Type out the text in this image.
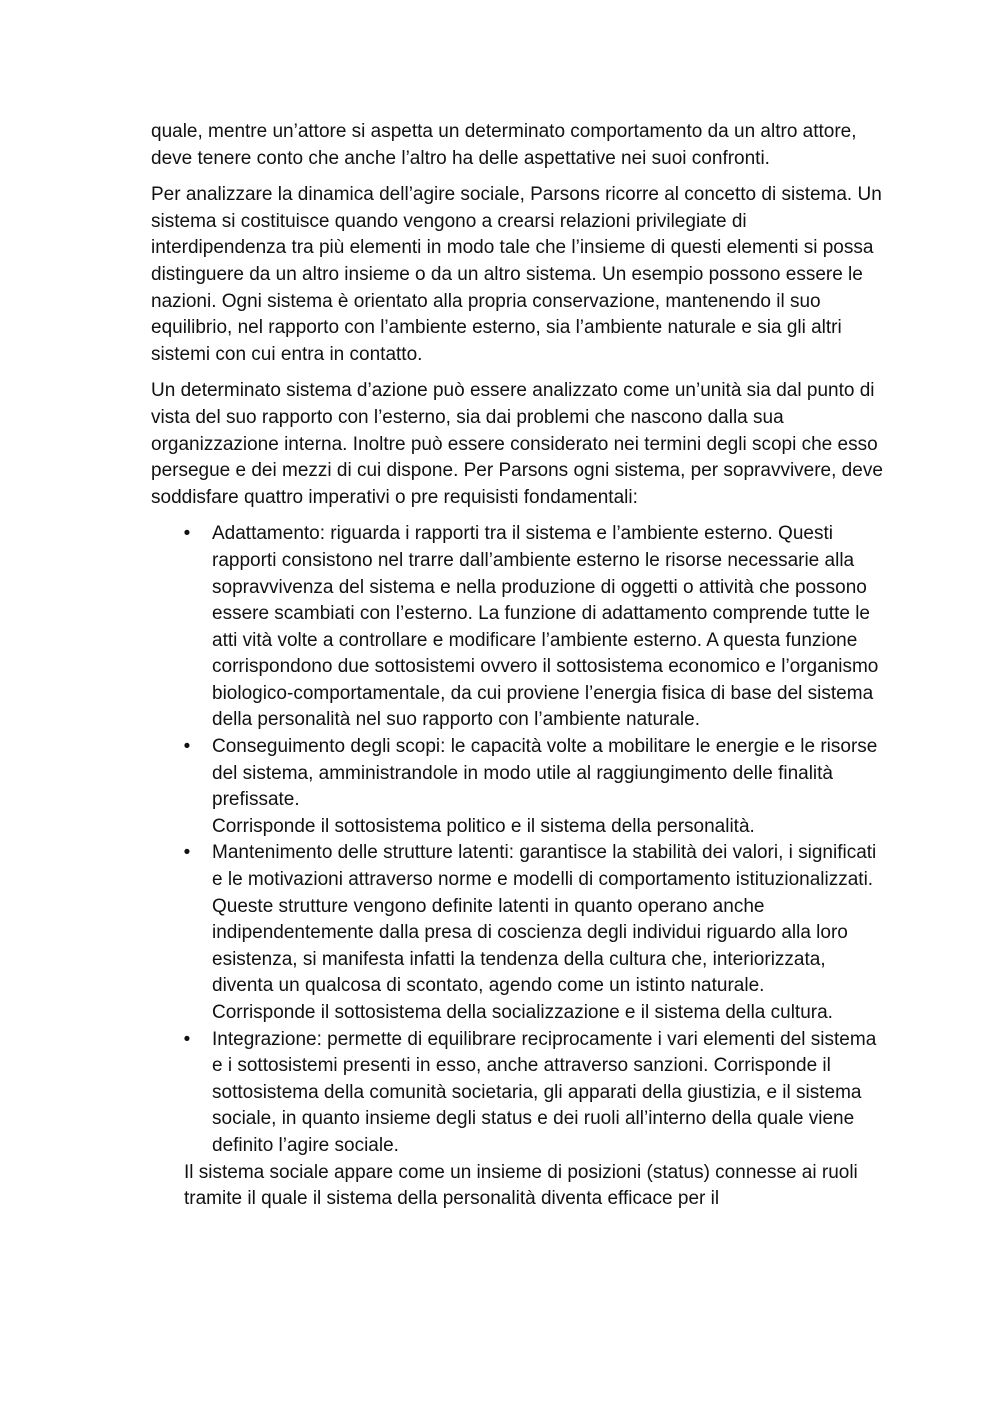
quale, mentre un’attore si aspetta un determinato comportamento da un altro attore, deve tenere conto che anche l’altro ha delle aspettative nei suoi confronti.

Per analizzare la dinamica dell’agire sociale, Parsons ricorre al concetto di sistema. Un sistema si costituisce quando vengono a crearsi relazioni privilegiate di interdipendenza tra più elementi in modo tale che l’insieme di questi elementi si possa distinguere da un altro insieme o da un altro sistema. Un esempio possono essere le nazioni. Ogni sistema è orientato alla propria conservazione, mantenendo il suo equilibrio, nel rapporto con l’ambiente esterno, sia l’ambiente naturale e sia gli altri sistemi con cui entra in contatto.

Un determinato sistema d’azione può essere analizzato come un’unità sia dal punto di vista del suo rapporto con l’esterno, sia dai problemi che nascono dalla sua organizzazione interna. Inoltre può essere considerato nei termini degli scopi che esso persegue e dei mezzi di cui dispone. Per Parsons ogni sistema, per sopravvivere, deve soddisfare quattro imperativi o pre requisisti fondamentali:

• Adattamento: riguarda i rapporti tra il sistema e l’ambiente esterno. Questi rapporti consistono nel trarre dall’ambiente esterno le risorse necessarie alla sopravvivenza del sistema e nella produzione di oggetti o attività che possono essere scambiati con l’esterno. La funzione di adattamento comprende tutte le atti vità volte a controllare e modificare l’ambiente esterno. A questa funzione corrispondono due sottosistemi ovvero il sottosistema economico e l’organismo biologico-comportamentale, da cui proviene l’energia fisica di base del sistema della personalità nel suo rapporto con l’ambiente naturale.
• Conseguimento degli scopi: le capacità volte a mobilitare le energie e le risorse del sistema, amministrandole in modo utile al raggiungimento delle finalità prefissate.
Corrisponde il sottosistema politico e il sistema della personalità.
• Mantenimento delle strutture latenti: garantisce la stabilità dei valori, i significati e le motivazioni attraverso norme e modelli di comportamento istituzionalizzati. Queste strutture vengono definite latenti in quanto operano anche indipendentemente dalla presa di coscienza degli individui riguardo alla loro esistenza, si manifesta infatti la tendenza della cultura che, interiorizzata, diventa un qualcosa di scontato, agendo come un istinto naturale.
Corrisponde il sottosistema della socializzazione e il sistema della cultura.
• Integrazione: permette di equilibrare reciprocamente i vari elementi del sistema e i sottosistemi presenti in esso, anche attraverso sanzioni. Corrisponde il sottosistema della comunità societaria, gli apparati della giustizia, e il sistema sociale, in quanto insieme degli status e dei ruoli all’interno della quale viene definito l’agire sociale.

Il sistema sociale appare come un insieme di posizioni (status) connesse ai ruoli tramite il quale il sistema della personalità diventa efficace per il
